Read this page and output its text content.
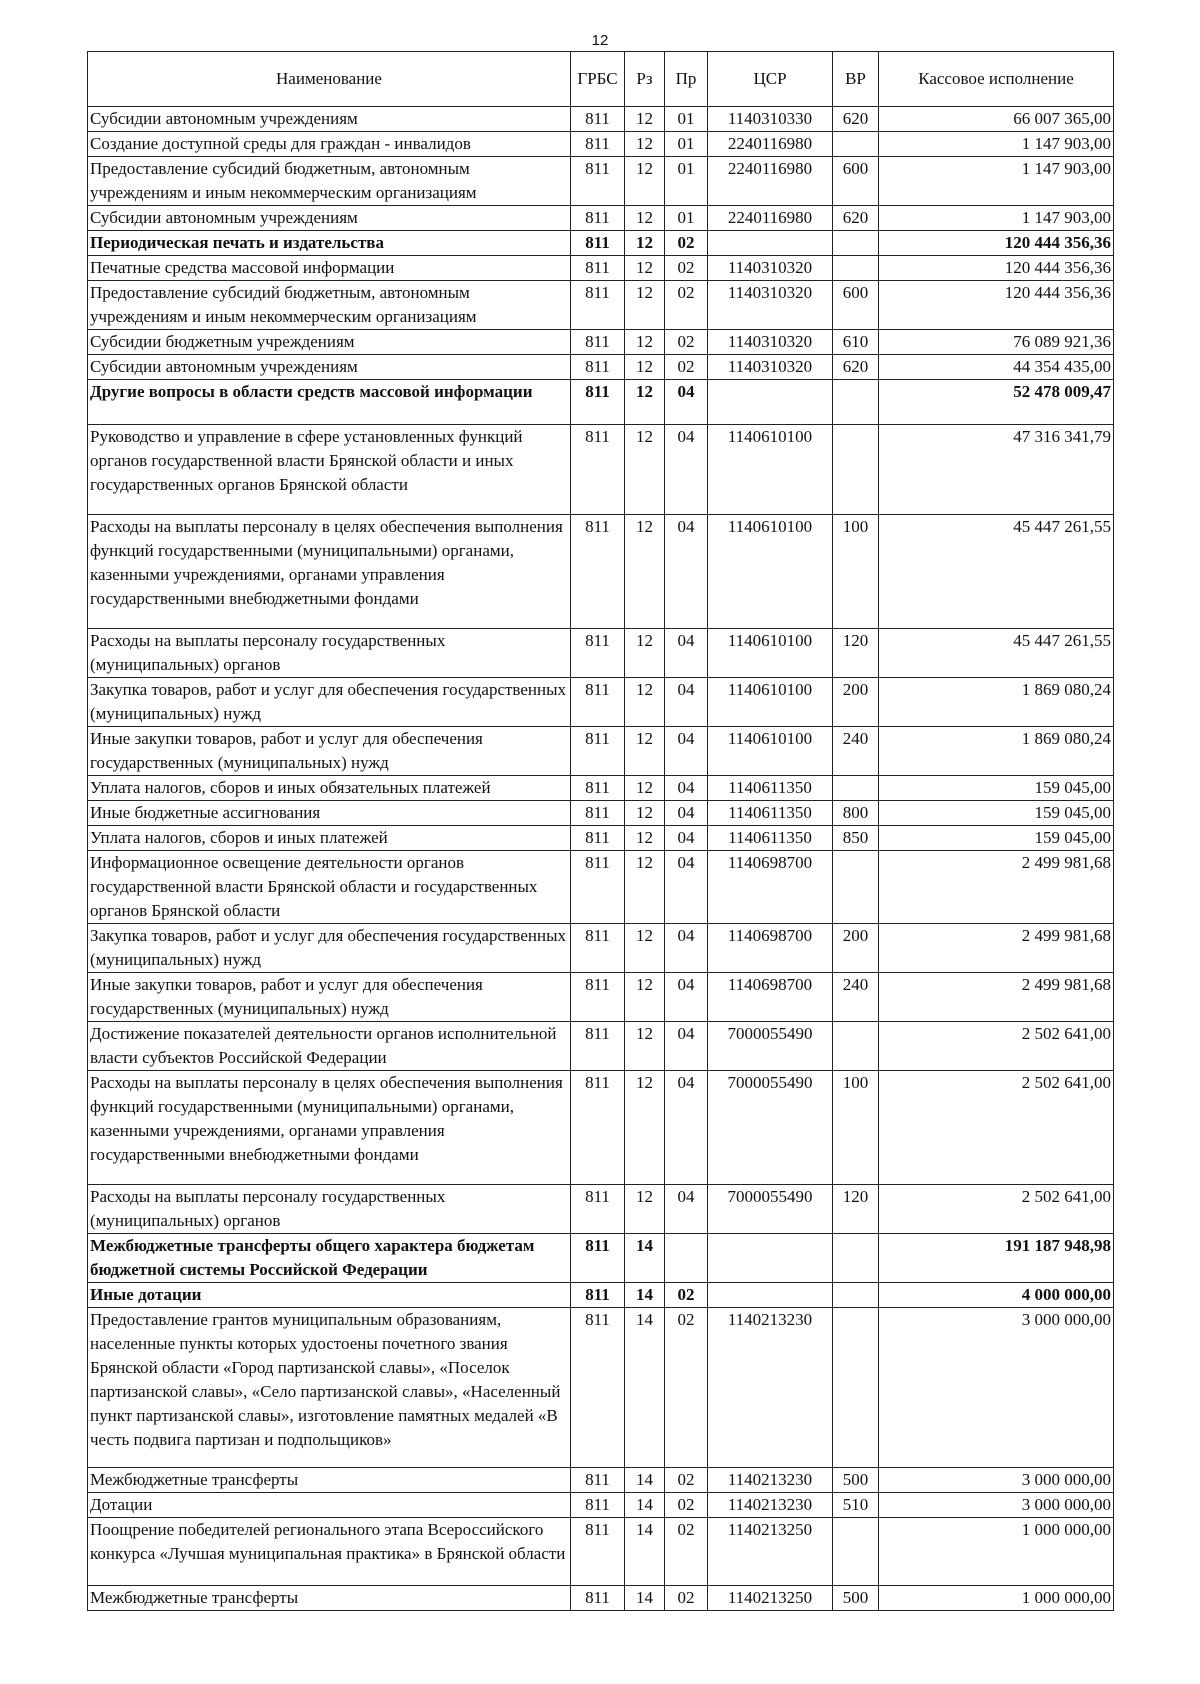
12
Наименование	ГРБС	Рз	Пр	ЦСР	ВР	Кассовое исполнение
Субсидии автономным учреждениям	811	12	01	1140310330	620	66 007 365,00
Создание доступной среды для граждан - инвалидов	811	12	01	2240116980		1 147 903,00
Предоставление субсидий бюджетным, автономным учреждениям и иным некоммерческим организациям	811	12	01	2240116980	600	1 147 903,00
Субсидии автономным учреждениям	811	12	01	2240116980	620	1 147 903,00
Периодическая печать и издательства	811	12	02			120 444 356,36
Печатные средства массовой информации	811	12	02	1140310320		120 444 356,36
Предоставление субсидий бюджетным, автономным учреждениям и иным некоммерческим организациям	811	12	02	1140310320	600	120 444 356,36
Субсидии бюджетным учреждениям	811	12	02	1140310320	610	76 089 921,36
Субсидии автономным учреждениям	811	12	02	1140310320	620	44 354 435,00
Другие вопросы в области средств массовой информации	811	12	04			52 478 009,47
Руководство и управление в сфере установленных функций органов государственной власти Брянской области и иных государственных органов Брянской области	811	12	04	1140610100		47 316 341,79
Расходы на выплаты персоналу в целях обеспечения выполнения функций государственными (муниципальными) органами, казенными учреждениями, органами управления государственными внебюджетными фондами	811	12	04	1140610100	100	45 447 261,55
Расходы на выплаты персоналу государственных (муниципальных) органов	811	12	04	1140610100	120	45 447 261,55
Закупка товаров, работ и услуг для обеспечения государственных (муниципальных) нужд	811	12	04	1140610100	200	1 869 080,24
Иные закупки товаров, работ и услуг для обеспечения государственных (муниципальных) нужд	811	12	04	1140610100	240	1 869 080,24
Уплата налогов, сборов и иных обязательных платежей	811	12	04	1140611350		159 045,00
Иные бюджетные ассигнования	811	12	04	1140611350	800	159 045,00
Уплата налогов, сборов и иных платежей	811	12	04	1140611350	850	159 045,00
Информационное освещение деятельности органов государственной власти Брянской области и государственных органов Брянской области	811	12	04	1140698700		2 499 981,68
Закупка товаров, работ и услуг для обеспечения государственных (муниципальных) нужд	811	12	04	1140698700	200	2 499 981,68
Иные закупки товаров, работ и услуг для обеспечения государственных (муниципальных) нужд	811	12	04	1140698700	240	2 499 981,68
Достижение показателей деятельности органов исполнительной власти субъектов Российской Федерации	811	12	04	7000055490		2 502 641,00
Расходы на выплаты персоналу в целях обеспечения выполнения функций государственными (муниципальными) органами, казенными учреждениями, органами управления государственными внебюджетными фондами	811	12	04	7000055490	100	2 502 641,00
Расходы на выплаты персоналу государственных (муниципальных) органов	811	12	04	7000055490	120	2 502 641,00
Межбюджетные трансферты общего характера бюджетам бюджетной системы Российской Федерации	811	14				191 187 948,98
Иные дотации	811	14	02			4 000 000,00
Предоставление грантов муниципальным образованиям, населенные пункты которых удостоены почетного звания Брянской области «Город партизанской славы», «Поселок партизанской славы», «Село партизанской славы», «Населенный пункт партизанской славы», изготовление памятных медалей «В честь подвига партизан и подпольщиков»	811	14	02	1140213230		3 000 000,00
Межбюджетные трансферты	811	14	02	1140213230	500	3 000 000,00
Дотации	811	14	02	1140213230	510	3 000 000,00
Поощрение победителей регионального этапа Всероссийского конкурса «Лучшая муниципальная практика» в Брянской области	811	14	02	1140213250		1 000 000,00
Межбюджетные трансферты	811	14	02	1140213250	500	1 000 000,00
